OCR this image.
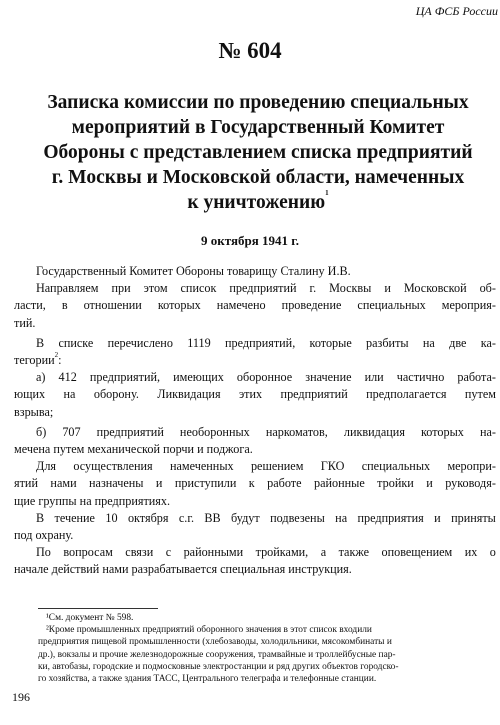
ЦА ФСБ России
№ 604
Записка комиссии по проведению специальных
мероприятий в Государственный Комитет
Обороны с представлением списка предприятий
г. Москвы и Московской области, намеченных
к уничтожению$^1$
9 октября 1941 г.
Государственный Комитет Обороны товарищу Сталину И.В.
Направляем при этом список предприятий г. Москвы и Московской об-
ласти, в отношении которых намечено проведение специальных мероприя-
тий.
В списке перечислено 1119 предприятий, которые разбиты на две ка-
тегории$^2$:
а) 412 предприятий, имеющих оборонное значение или частично работа-
ющих на оборону. Ликвидация этих предприятий предполагается путем
взрыва;
б) 707 предприятий необоронных наркоматов, ликвидация которых на-
мечена путем механической порчи и поджога.
Для осуществления намеченных решением ГКО специальных меропри-
ятий нами назначены и приступили к работе районные тройки и руководя-
щие группы на предприятиях.
В течение 10 октября с.г. ВВ будут подвезены на предприятия и приняты
под охрану.
По вопросам связи с районными тройками, а также оповещением их о
начале действий нами разрабатывается специальная инструкция.
¹См. документ № 598.
²Кроме промышленных предприятий оборонного значения в этот список входили
предприятия пищевой промышленности (хлебозаводы, холодильники, мясокомбинаты и
др.), вокзалы и прочие железнодорожные сооружения, трамвайные и троллейбусные пар-
ки, автобазы, городские и подмосковные электростанции и ряд других объектов городско-
го хозяйства, а также здания ТАСС, Центрального телеграфа и телефонные станции.
196
